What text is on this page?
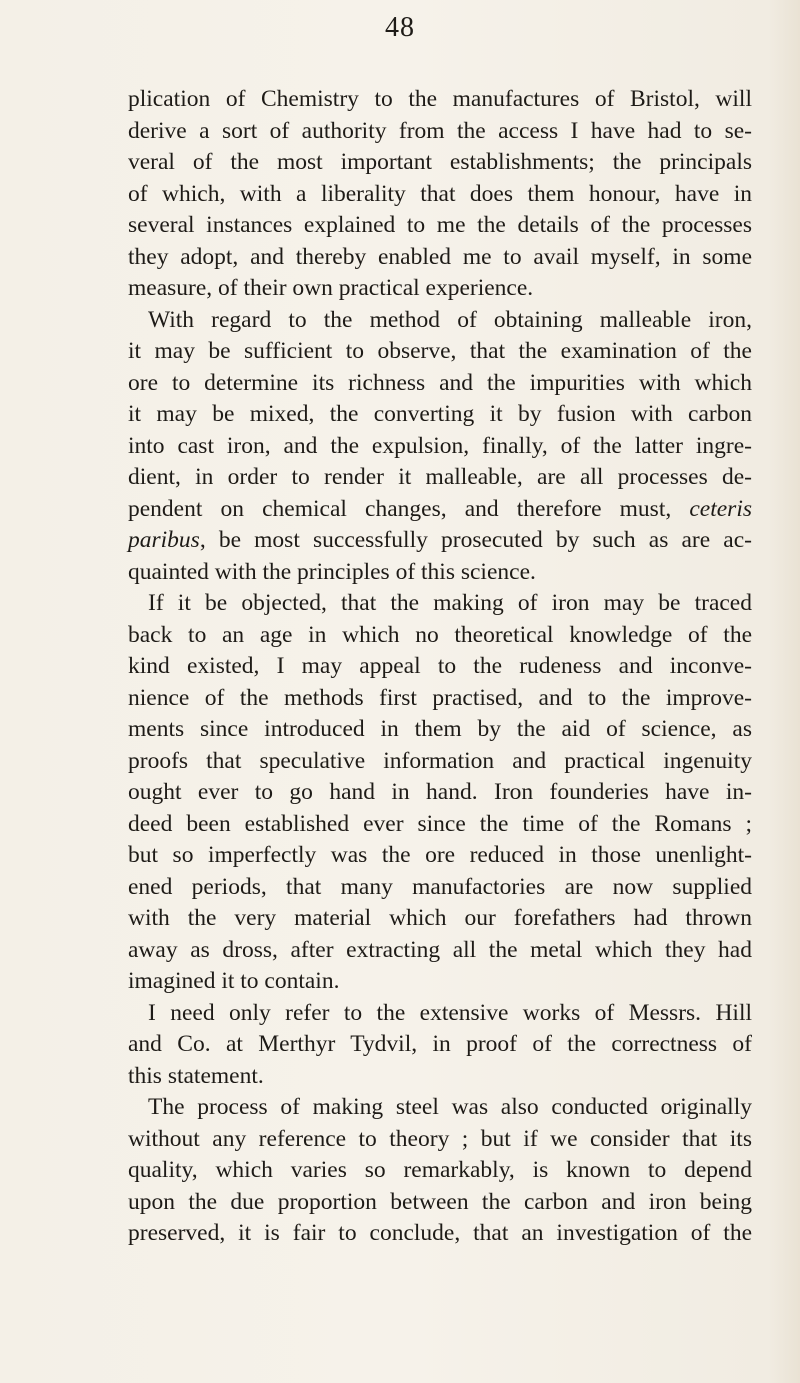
48
plication of Chemistry to the manufactures of Bristol, will
derive a sort of authority from the access I have had to se-
veral of the most important establishments; the principals
of which, with a liberality that does them honour, have in
several instances explained to me the details of the processes
they adopt, and thereby enabled me to avail myself, in some
measure, of their own practical experience.
With regard to the method of obtaining malleable iron,
it may be sufficient to observe, that the examination of the
ore to determine its richness and the impurities with which
it may be mixed, the converting it by fusion with carbon
into cast iron, and the expulsion, finally, of the latter ingre-
dient, in order to render it malleable, are all processes de-
pendent on chemical changes, and therefore must, ceteris
paribus, be most successfully prosecuted by such as are ac-
quainted with the principles of this science.
If it be objected, that the making of iron may be traced
back to an age in which no theoretical knowledge of the
kind existed, I may appeal to the rudeness and inconve-
nience of the methods first practised, and to the improve-
ments since introduced in them by the aid of science, as
proofs that speculative information and practical ingenuity
ought ever to go hand in hand. Iron founderies have in-
deed been established ever since the time of the Romans ;
but so imperfectly was the ore reduced in those unenlight-
ened periods, that many manufactories are now supplied
with the very material which our forefathers had thrown
away as dross, after extracting all the metal which they had
imagined it to contain.
I need only refer to the extensive works of Messrs. Hill
and Co. at Merthyr Tydvil, in proof of the correctness of
this statement.
The process of making steel was also conducted originally
without any reference to theory ; but if we consider that its
quality, which varies so remarkably, is known to depend
upon the due proportion between the carbon and iron being
preserved, it is fair to conclude, that an investigation of the
